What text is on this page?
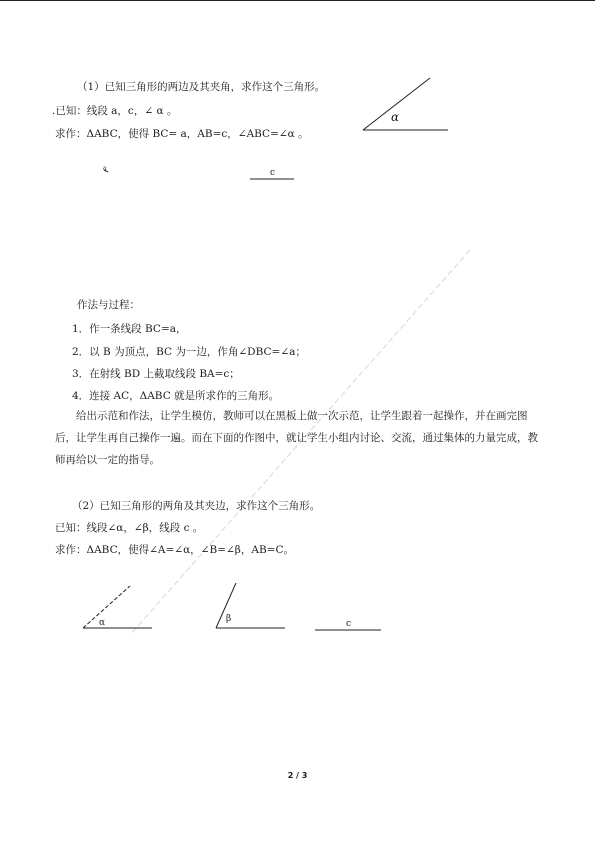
（1）已知三角形的两边及其夹角，求作这个三角形。
.已知：线段 a，c，∠ α 。
求作：ΔABC，使得 BC= a，AB=c，∠ABC=∠α 。
α
a	c
作法与过程：
1．作一条线段 BC=a，
2．以 B 为顶点，BC 为一边，作角∠DBC=∠a；
3．在射线 BD 上截取线段 BA=c；
4．连接 AC，ΔABC 就是所求作的三角形。
给出示范和作法，让学生模仿，教师可以在黑板上做一次示范，让学生跟着一起操作，并在画完图后，让学生再自己操作一遍。而在下面的作图中，就让学生小组内讨论、交流，通过集体的力量完成，教师再给以一定的指导。
（2）已知三角形的两角及其夹边，求作这个三角形。
已知：线段∠α，∠β，线段 c 。
求作：ΔABC，使得∠A=∠α，∠B=∠β，AB=C。
α	β	c
2 / 3
